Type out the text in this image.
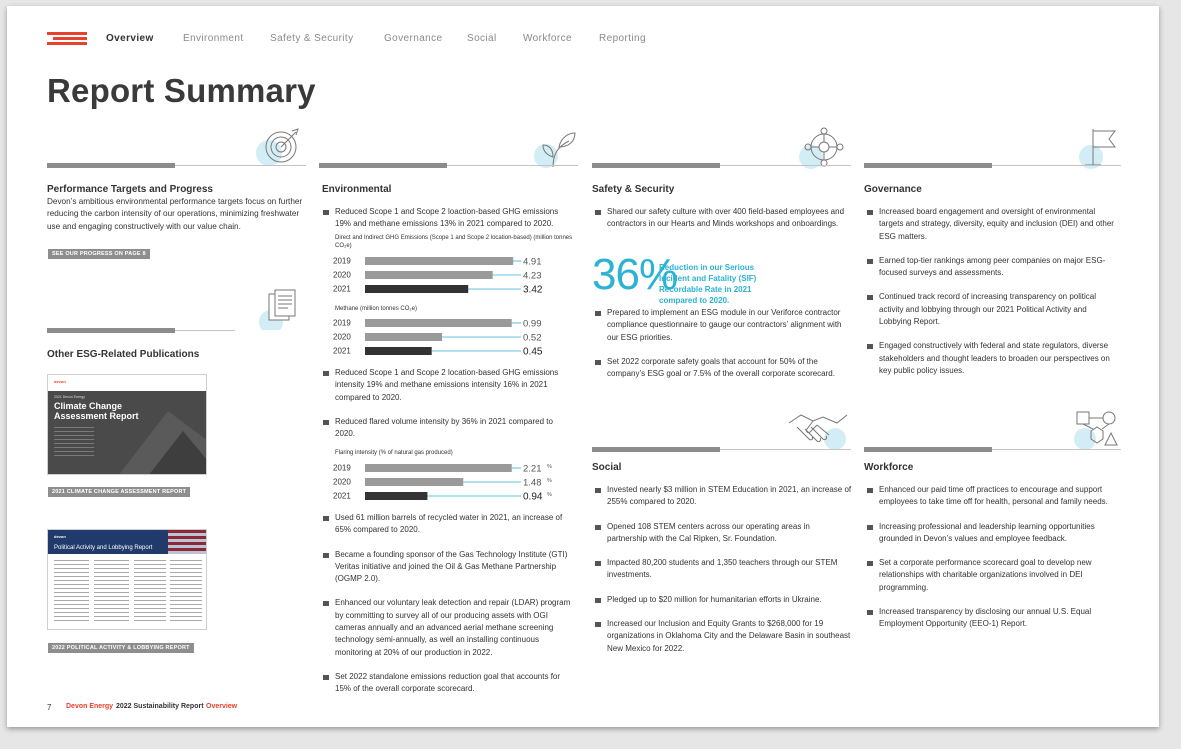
Overview	Environment	Safety & Security	Governance Social	Workforce	Reporting
Report Summary
Performance Targets and Progress
Devon’s ambitious environmental performance targets focus on further reducing the carbon intensity of our operations, minimizing freshwater use and engaging constructively with our value chain.
SEE OUR PROGRESS ON PAGE 8
Other ESG-Related Publications
devon
2021 Devon Energy
Climate Change Assessment Report
2021 CLIMATE CHANGE ASSESSMENT REPORT
devon
Political Activity and Lobbying Report
2022 POLITICAL ACTIVITY & LOBBYING REPORT
Environmental
Reduced Scope 1 and Scope 2 loaction-based GHG emissions 19% and methane emissions 13% in 2021 compared to 2020.
Direct and Indirect GHG Emissions (Scope 1 and Scope 2 location-based) (million tonnes CO₂e)
2019	4.91
2020	4.23
2021	3.42
Methane (million tonnes CO₂e)
2019	0.99
2020	0.52
2021	0.45
Reduced Scope 1 and Scope 2 location-based GHG emissions intensity 19% and methane emissions intensity 16% in 2021 compared to 2020.
Reduced flared volume intensity by 36% in 2021 compared to 2020.
Flaring intensity (% of natural gas produced)
2019	2.21 %
2020	1.48 %
2021	0.94 %
Used 61 million barrels of recycled water in 2021, an increase of 65% compared to 2020.
Became a founding sponsor of the Gas Technology Institute (GTI) Veritas initiative and joined the Oil & Gas Methane Partnership (OGMP 2.0).
Enhanced our voluntary leak detection and repair (LDAR) program by committing to survey all of our producing assets with OGI cameras annually and an advanced aerial methane screening technology semi-annually, as well an installing continuous monitoring at 20% of our production in 2022.
Set 2022 standalone emissions reduction goal that accounts for 15% of the overall corporate scorecard.
Safety & Security
Shared our safety culture with over 400 field-based employees and contractors in our Hearts and Minds workshops and onboardings.
36%
Reduction in our Serious Incident and Fatality (SIF) Recordable Rate in 2021 compared to 2020.
Prepared to implement an ESG module in our Veriforce contractor compliance questionnaire to gauge our contractors’ alignment with our ESG priorities.
Set 2022 corporate safety goals that account for 50% of the company’s ESG goal or 7.5% of the overall corporate scorecard.
Social
Invested nearly $3 million in STEM Education in 2021, an increase of 255% compared to 2020.
Opened 108 STEM centers across our operating areas in partnership with the Cal Ripken, Sr. Foundation.
Impacted 80,200 students and 1,350 teachers through our STEM investments.
Pledged up to $20 million for humanitarian efforts in Ukraine.
Increased our Inclusion and Equity Grants to $268,000 for 19 organizations in Oklahoma City and the Delaware Basin in southeast New Mexico for 2022.
Governance
Increased board engagement and oversight of environmental targets and strategy, diversity, equity and inclusion (DEI) and other ESG matters.
Earned top-tier rankings among peer companies on major ESG-focused surveys and assessments.
Continued track record of increasing transparency on political activity and lobbying through our 2021 Political Activity and Lobbying Report.
Engaged constructively with federal and state regulators, diverse stakeholders and thought leaders to broaden our perspectives on key public policy issues.
Workforce
Enhanced our paid time off practices to encourage and support employees to take time off for health, personal and family needs.
Increasing professional and leadership learning opportunities grounded in Devon’s values and employee feedback.
Set a corporate performance scorecard goal to develop new relationships with charitable organizations involved in DEI programming.
Increased transparency by disclosing our annual U.S. Equal Employment Opportunity (EEO-1) Report.
7 Devon Energy 2022 Sustainability Report Overview
